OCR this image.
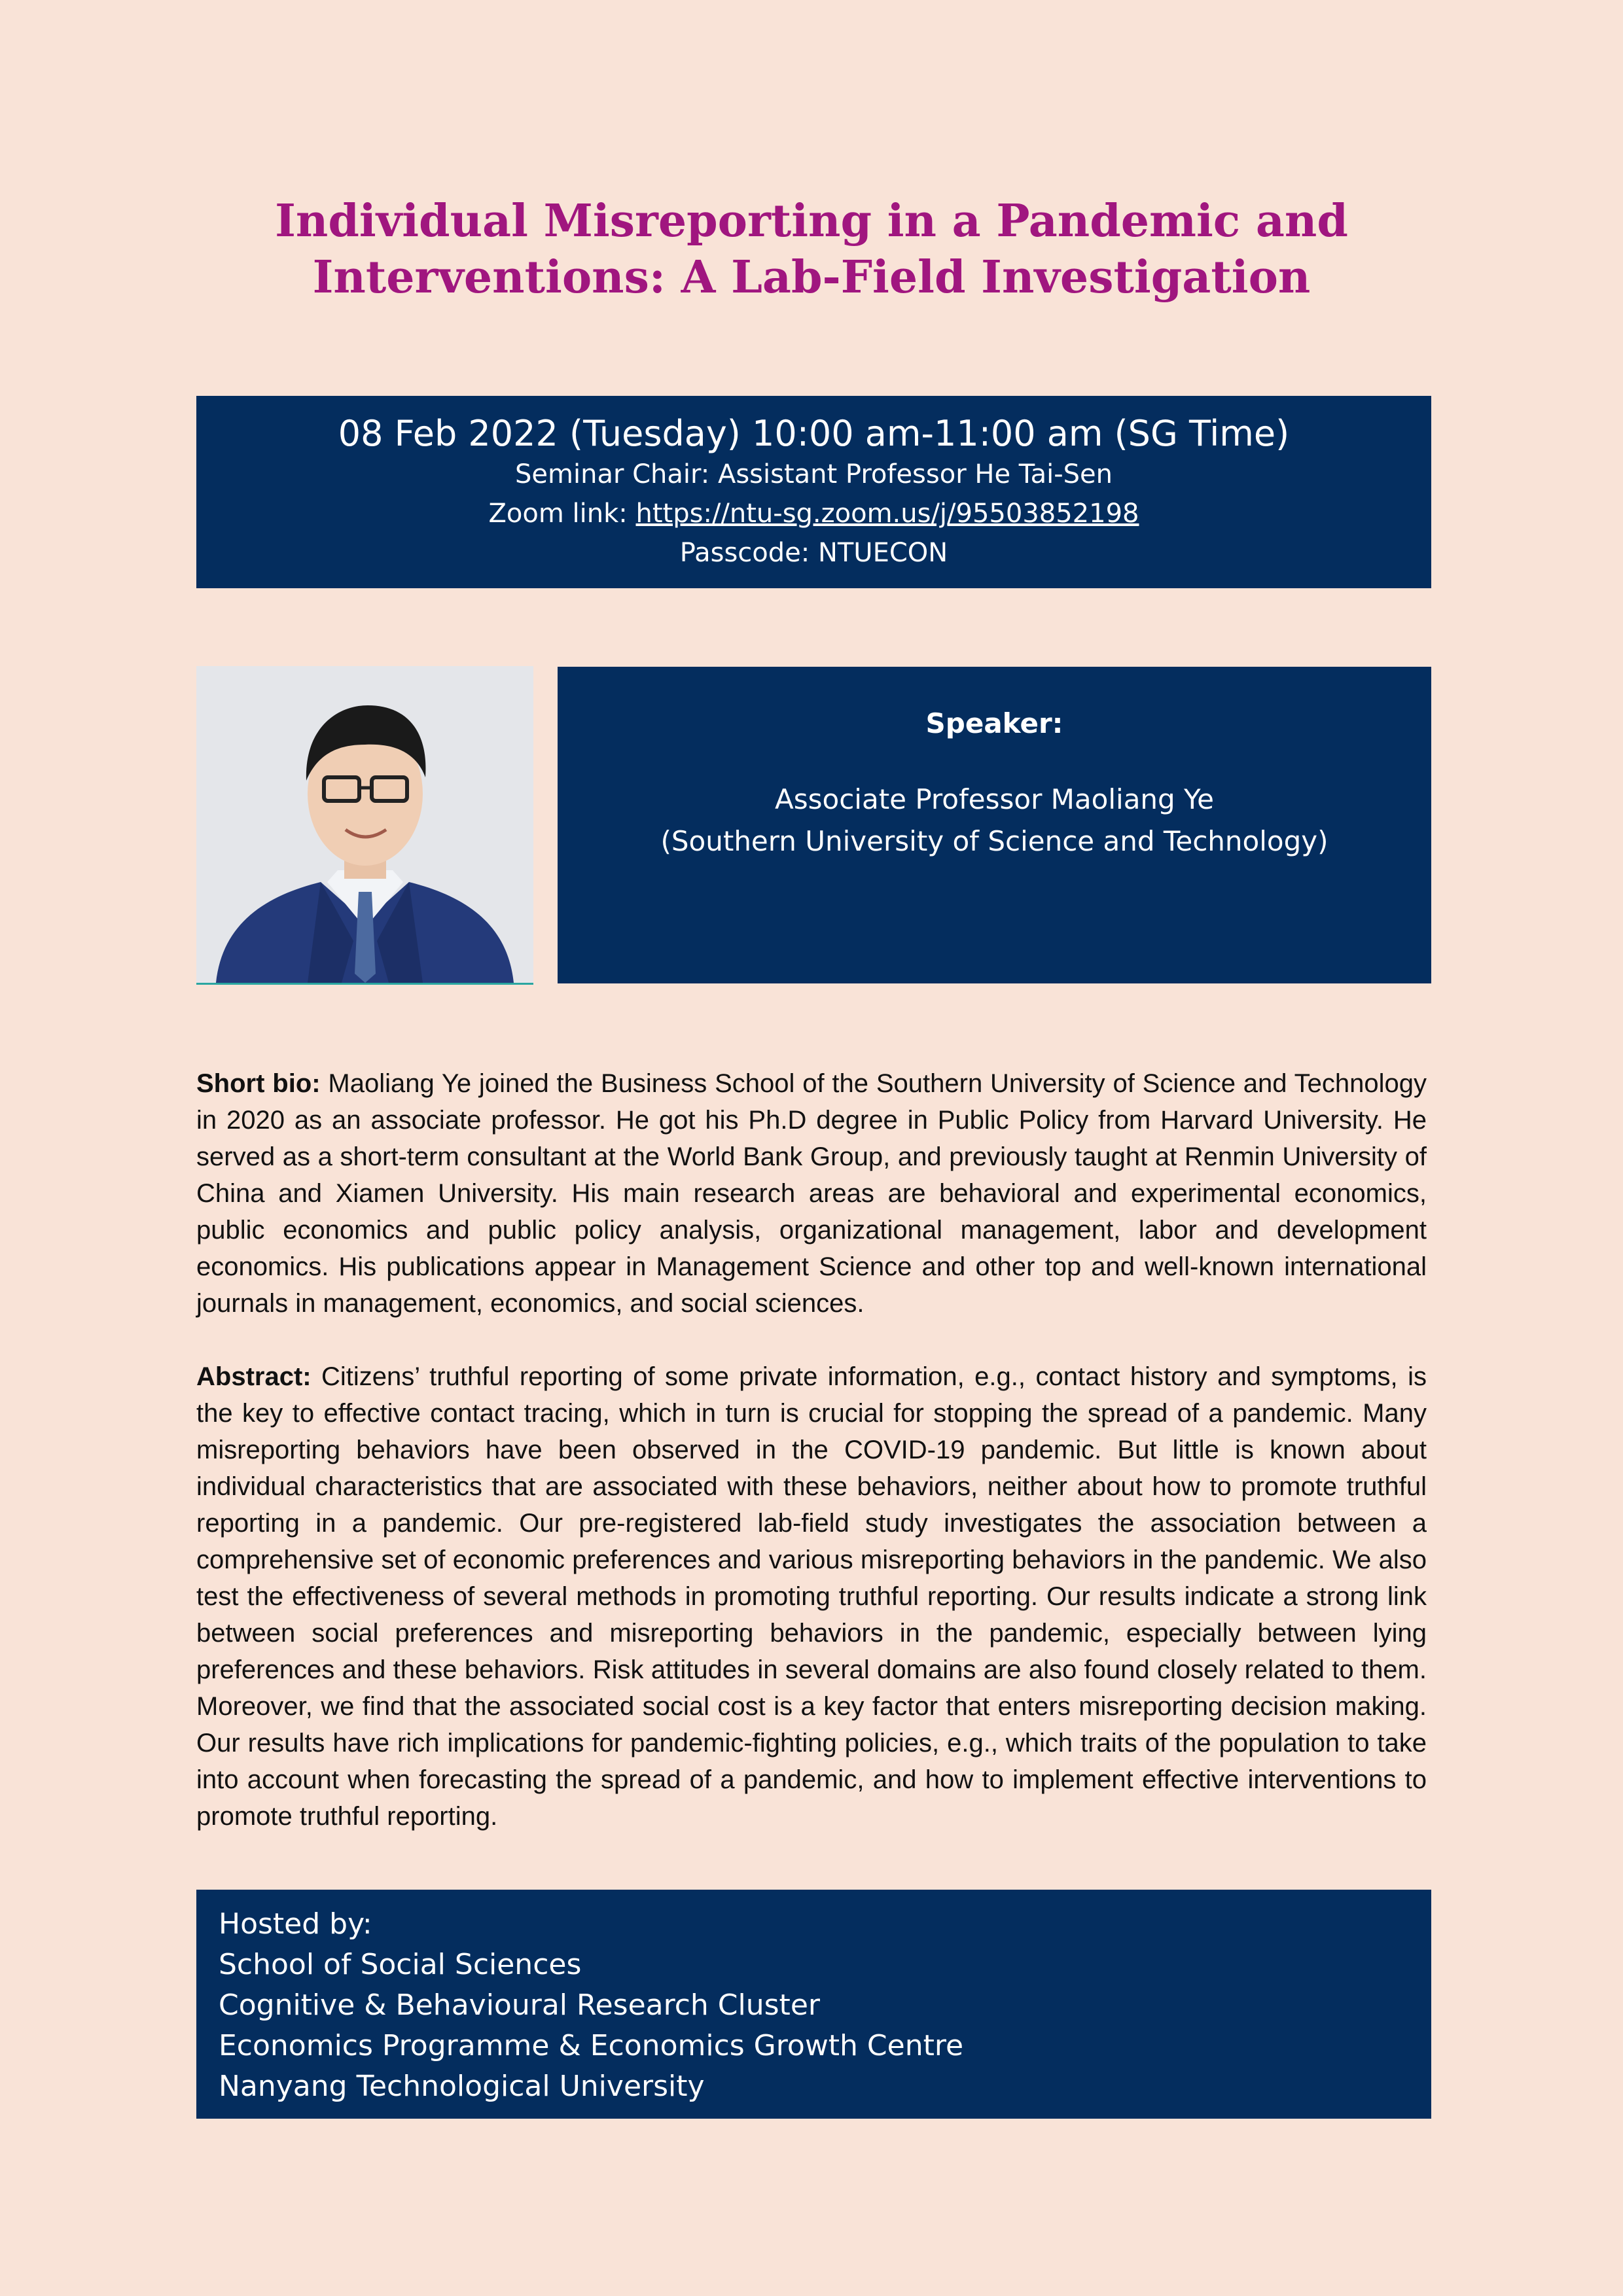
Individual Misreporting in a Pandemic and
Interventions: A Lab-Field Investigation
08 Feb 2022 (Tuesday) 10:00 am-11:00 am (SG Time)
Seminar Chair: Assistant Professor He Tai-Sen
Zoom link: https://ntu-sg.zoom.us/j/95503852198
Passcode: NTUECON
Speaker:
Associate Professor Maoliang Ye
(Southern University of Science and Technology)
Short bio: Maoliang Ye joined the Business School of the Southern University of Science and Technology in 2020 as an associate professor. He got his Ph.D degree in Public Policy from Harvard University. He served as a short-term consultant at the World Bank Group, and previously taught at Renmin University of China and Xiamen University. His main research areas are behavioral and experimental economics, public economics and public policy analysis, organizational management, labor and development economics. His publications appear in Management Science and other top and well-known international journals in management, economics, and social sciences.
Abstract: Citizens’ truthful reporting of some private information, e.g., contact history and symptoms, is the key to effective contact tracing, which in turn is crucial for stopping the spread of a pandemic. Many misreporting behaviors have been observed in the COVID-19 pandemic. But little is known about individual characteristics that are associated with these behaviors, neither about how to promote truthful reporting in a pandemic. Our pre-registered lab-field study investigates the association between a comprehensive set of economic preferences and various misreporting behaviors in the pandemic. We also test the effectiveness of several methods in promoting truthful reporting. Our results indicate a strong link between social preferences and misreporting behaviors in the pandemic, especially between lying preferences and these behaviors. Risk attitudes in several domains are also found closely related to them. Moreover, we find that the associated social cost is a key factor that enters misreporting decision making. Our results have rich implications for pandemic-fighting policies, e.g., which traits of the population to take into account when forecasting the spread of a pandemic, and how to implement effective interventions to promote truthful reporting.
Hosted by:
School of Social Sciences
Cognitive & Behavioural Research Cluster
Economics Programme & Economics Growth Centre
Nanyang Technological University
